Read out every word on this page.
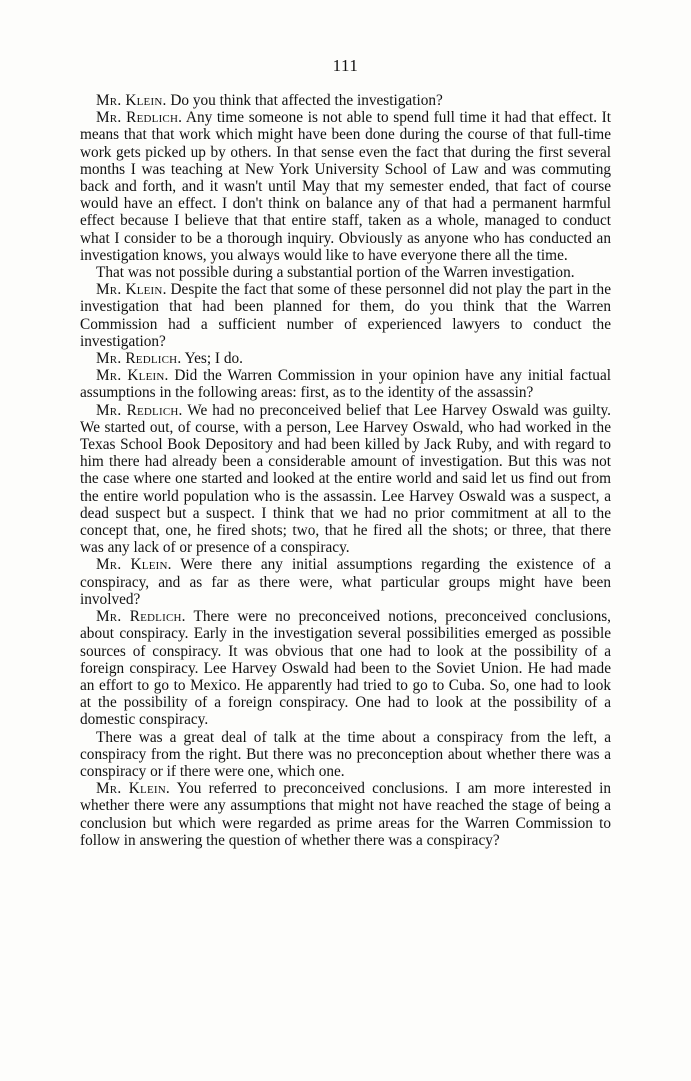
111

Mr. Klein. Do you think that affected the investigation?

Mr. Redlich. Any time someone is not able to spend full time it had that effect. It means that that work which might have been done during the course of that full-time work gets picked up by others. In that sense even the fact that during the first several months I was teaching at New York University School of Law and was commuting back and forth, and it wasn't until May that my semester ended, that fact of course would have an effect. I don't think on balance any of that had a permanent harmful effect because I believe that that entire staff, taken as a whole, managed to conduct what I consider to be a thorough inquiry. Obviously as anyone who has conducted an investigation knows, you always would like to have everyone there all the time.

That was not possible during a substantial portion of the Warren investigation.

Mr. Klein. Despite the fact that some of these personnel did not play the part in the investigation that had been planned for them, do you think that the Warren Commission had a sufficient number of experienced lawyers to conduct the investigation?

Mr. Redlich. Yes; I do.

Mr. Klein. Did the Warren Commission in your opinion have any initial factual assumptions in the following areas: first, as to the identity of the assassin?

Mr. Redlich. We had no preconceived belief that Lee Harvey Oswald was guilty. We started out, of course, with a person, Lee Harvey Oswald, who had worked in the Texas School Book Depository and had been killed by Jack Ruby, and with regard to him there had already been a considerable amount of investigation. But this was not the case where one started and looked at the entire world and said let us find out from the entire world population who is the assassin. Lee Harvey Oswald was a suspect, a dead suspect but a suspect. I think that we had no prior commitment at all to the concept that, one, he fired shots; two, that he fired all the shots; or three, that there was any lack of or presence of a conspiracy.

Mr. Klein. Were there any initial assumptions regarding the existence of a conspiracy, and as far as there were, what particular groups might have been involved?

Mr. Redlich. There were no preconceived notions, preconceived conclusions, about conspiracy. Early in the investigation several possibilities emerged as possible sources of conspiracy. It was obvious that one had to look at the possibility of a foreign conspiracy. Lee Harvey Oswald had been to the Soviet Union. He had made an effort to go to Mexico. He apparently had tried to go to Cuba. So, one had to look at the possibility of a foreign conspiracy. One had to look at the possibility of a domestic conspiracy.

There was a great deal of talk at the time about a conspiracy from the left, a conspiracy from the right. But there was no preconception about whether there was a conspiracy or if there were one, which one.

Mr. Klein. You referred to preconceived conclusions. I am more interested in whether there were any assumptions that might not have reached the stage of being a conclusion but which were regarded as prime areas for the Warren Commission to follow in answering the question of whether there was a conspiracy?
